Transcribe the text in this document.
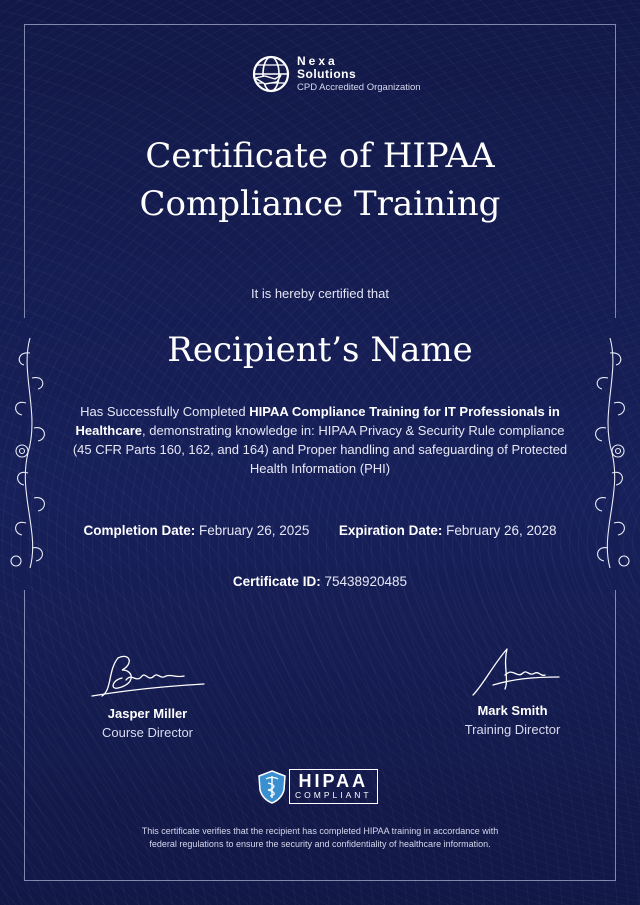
Nexa
Solutions
CPD Accredited Organization
Certificate of HIPAA
Compliance Training
It is hereby certified that
Recipient’s Name
Has Successfully Completed HIPAA Compliance Training for IT Professionals in Healthcare, demonstrating knowledge in: HIPAA Privacy & Security Rule compliance (45 CFR Parts 160, 162, and 164) and Proper handling and safeguarding of Protected Health Information (PHI)
Completion Date: February 26, 2025 Expiration Date: February 26, 2028
Certificate ID: 75438920485
Jasper Miller
Course Director
Mark Smith
Training Director
HIPAA
COMPLIANT
This certificate verifies that the recipient has completed HIPAA training in accordance with
federal regulations to ensure the security and confidentiality of healthcare information.
